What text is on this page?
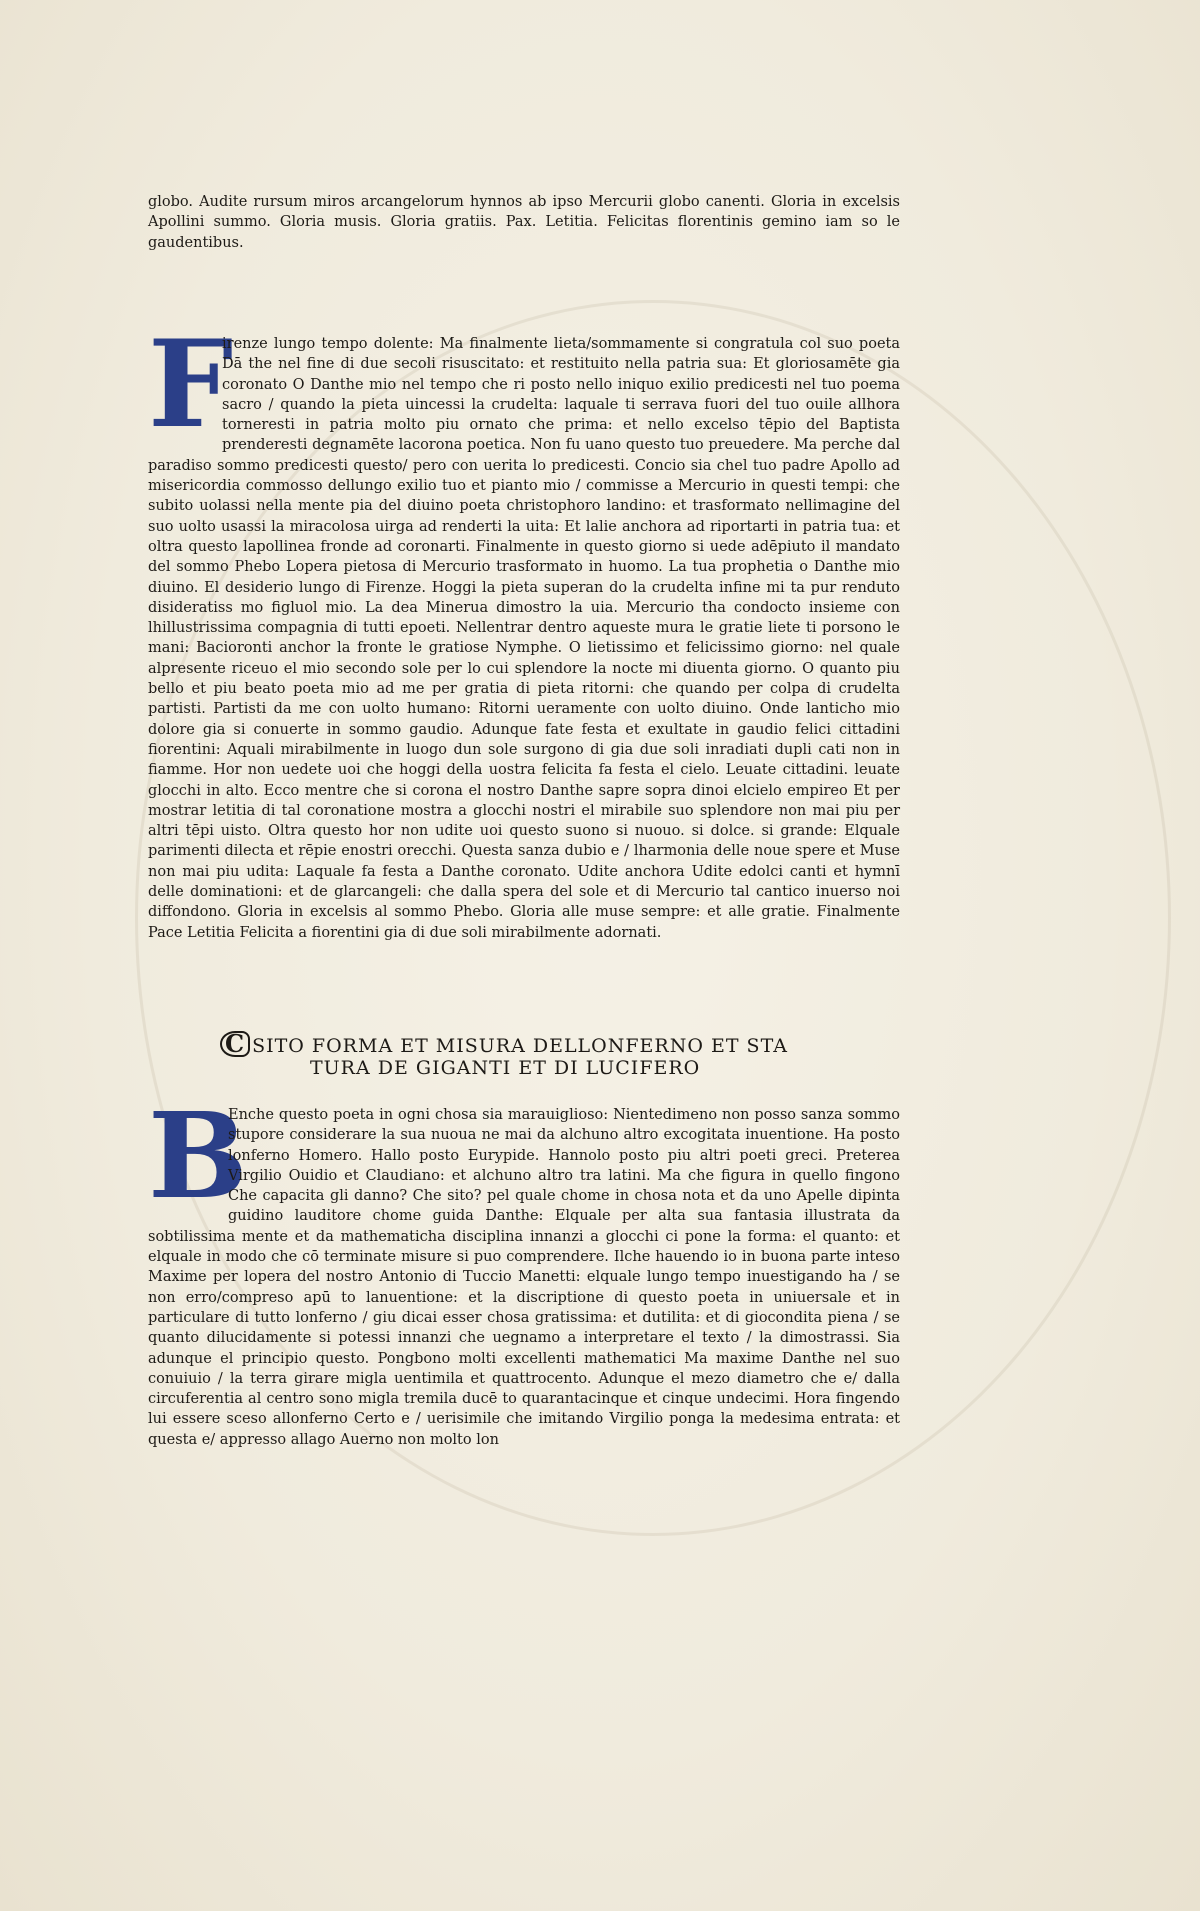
globo. Audite rursum miros arcangelorum hynnos ab ipso Mercurii globo canenti. Gloria in excelsis Apollini summo. Gloria musis. Gloria gratiis. Pax. Letitia. Felicitas florentinis gemino iam so le gaudentibus.

F

irenze lungo tempo dolente: Ma finalmente lieta/sommamente si congratula col suo poeta Dā the nel fine di due secoli risuscitato: et restituito nella patria sua: Et gloriosamēte gia coronato O Danthe mio nel tempo che ri posto nello iniquo exilio predicesti nel tuo poema sacro / quando la pieta uincessi la crudelta: laquale ti serrava fuori del tuo ouile allhora torneresti in patria molto piu ornato che prima: et nello excelso tēpio del Baptista prenderesti degnamēte lacorona poetica. Non fu uano questo tuo preuedere. Ma perche dal paradiso sommo predicesti questo/ pero con uerita lo predicesti. Concio sia chel tuo padre Apollo ad misericordia commosso dellungo exilio tuo et pianto mio / commisse a Mercurio in questi tempi: che subito uolassi nella mente pia del diuino poeta christophoro landino: et trasformato nellimagine del suo uolto usassi la miracolosa uirga ad renderti la uita: Et lalie anchora ad riportarti in patria tua: et oltra questo lapollinea fronde ad coronarti. Finalmente in questo giorno si uede adēpiuto il mandato del sommo Phebo Lopera pietosa di Mercurio trasformato in huomo. La tua prophetia o Danthe mio diuino. El desiderio lungo di Firenze. Hoggi la pieta superan do la crudelta infine mi ta pur renduto disideratiss mo figluol mio. La dea Minerua dimostro la uia. Mercurio tha condocto insieme con lhillustrissima compagnia di tutti epoeti. Nellentrar dentro aqueste mura le gratie liete ti porsono le mani: Bacioronti anchor la fronte le gratiose Nymphe. O lietissimo et felicissimo giorno: nel quale alpresente riceuo el mio secondo sole per lo cui splendore la nocte mi diuenta giorno. O quanto piu bello et piu beato poeta mio ad me per gratia di pieta ritorni: che quando per colpa di crudelta partisti. Partisti da me con uolto humano: Ritorni ueramente con uolto diuino. Onde lanticho mio dolore gia si conuerte in sommo gaudio. Adunque fate festa et exultate in gaudio felici cittadini fiorentini: Aquali mirabilmente in luogo dun sole surgono di gia due soli inradiati dupli cati non in fiamme. Hor non uedete uoi che hoggi della uostra felicita fa festa el cielo. Leuate cittadini. leuate glocchi in alto. Ecco mentre che si corona el nostro Danthe sapre sopra dinoi elcielo empireo Et per mostrar letitia di tal coronatione mostra a glocchi nostri el mirabile suo splendore non mai piu per altri tēpi uisto. Oltra questo hor non udite uoi questo suono si nuouo. si dolce. si grande: Elquale parimenti dilecta et rēpie enostri orecchi. Questa sanza dubio e / lharmonia delle noue spere et Muse non mai piu udita: Laquale fa festa a Danthe coronato. Udite anchora Udite edolci canti et hymnī delle dominationi: et de glarcangeli: che dalla spera del sole et di Mercurio tal cantico inuerso noi diffondono. Gloria in excelsis al sommo Phebo. Gloria alle muse sempre: et alle gratie. Finalmente Pace Letitia Felicita a fiorentini gia di due soli mirabilmente adornati.

C SITO FORMA ET MISURA DELLONFERNO ET STA
TURA DE GIGANTI ET DI LUCIFERO
B

Enche questo poeta in ogni chosa sia marauiglioso: Nientedimeno non posso sanza sommo stupore considerare la sua nuoua ne mai da alchuno altro excogitata inuentione. Ha posto lonferno Homero. Hallo posto Eurypide. Hannolo posto piu altri poeti greci. Preterea Virgilio Ouidio et Claudiano: et alchuno altro tra latini. Ma che figura in quello fingono Che capacita gli danno? Che sito? pel quale chome in chosa nota et da uno Apelle dipinta guidino lauditore chome guida Danthe: Elquale per alta sua fantasia illustrata da sobtilissima mente et da mathematicha disciplina innanzi a glocchi ci pone la forma: el quanto: et elquale in modo che cō terminate misure si puo comprendere. Ilche hauendo io in buona parte inteso Maxime per lopera del nostro Antonio di Tuccio Manetti: elquale lungo tempo inuestigando ha / se non erro/compreso apū to lanuentione: et la discriptione di questo poeta in uniuersale et in particulare di tutto lonferno / giu dicai esser chosa gratissima: et dutilita: et di giocondita piena / se quanto dilucidamente si potessi innanzi che uegnamo a interpretare el texto / la dimostrassi. Sia adunque el principio questo. Pongbono molti excellenti mathematici Ma maxime Danthe nel suo conuiuio / la terra girare migla uentimila et quattrocento. Adunque el mezo diametro che e/ dalla circuferentia al centro sono migla tremila ducē to quarantacinque et cinque undecimi. Hora fingendo lui essere sceso allonferno Certo e / uerisimile che imitando Virgilio ponga la medesima entrata: et questa e/ appresso allago Auerno non molto lon
